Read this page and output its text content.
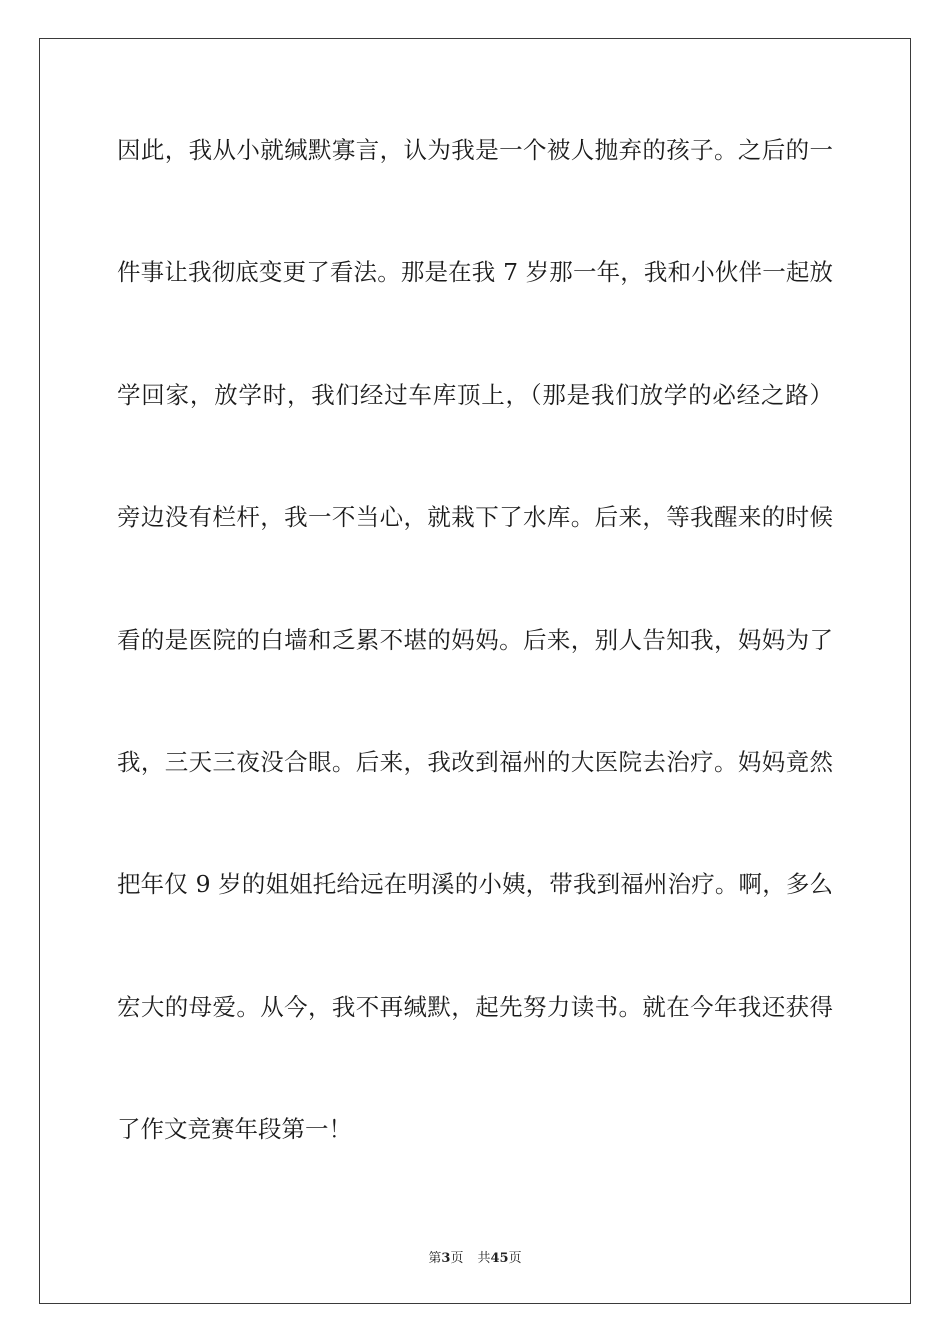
因此，我从小就缄默寡言，认为我是一个被人抛弃的孩子。之后的一
件事让我彻底变更了看法。那是在我 7 岁那一年，我和小伙伴一起放
学回家，放学时，我们经过车库顶上，（那是我们放学的必经之路）
旁边没有栏杆，我一不当心，就栽下了水库。后来，等我醒来的时候
看的是医院的白墙和乏累不堪的妈妈。后来，别人告知我，妈妈为了
我，三天三夜没合眼。后来，我改到福州的大医院去治疗。妈妈竟然
把年仅 9 岁的姐姐托给远在明溪的小姨，带我到福州治疗。啊，多么
宏大的母爱。从今，我不再缄默，起先努力读书。就在今年我还获得
了作文竞赛年段第一！
第3页 共45页
